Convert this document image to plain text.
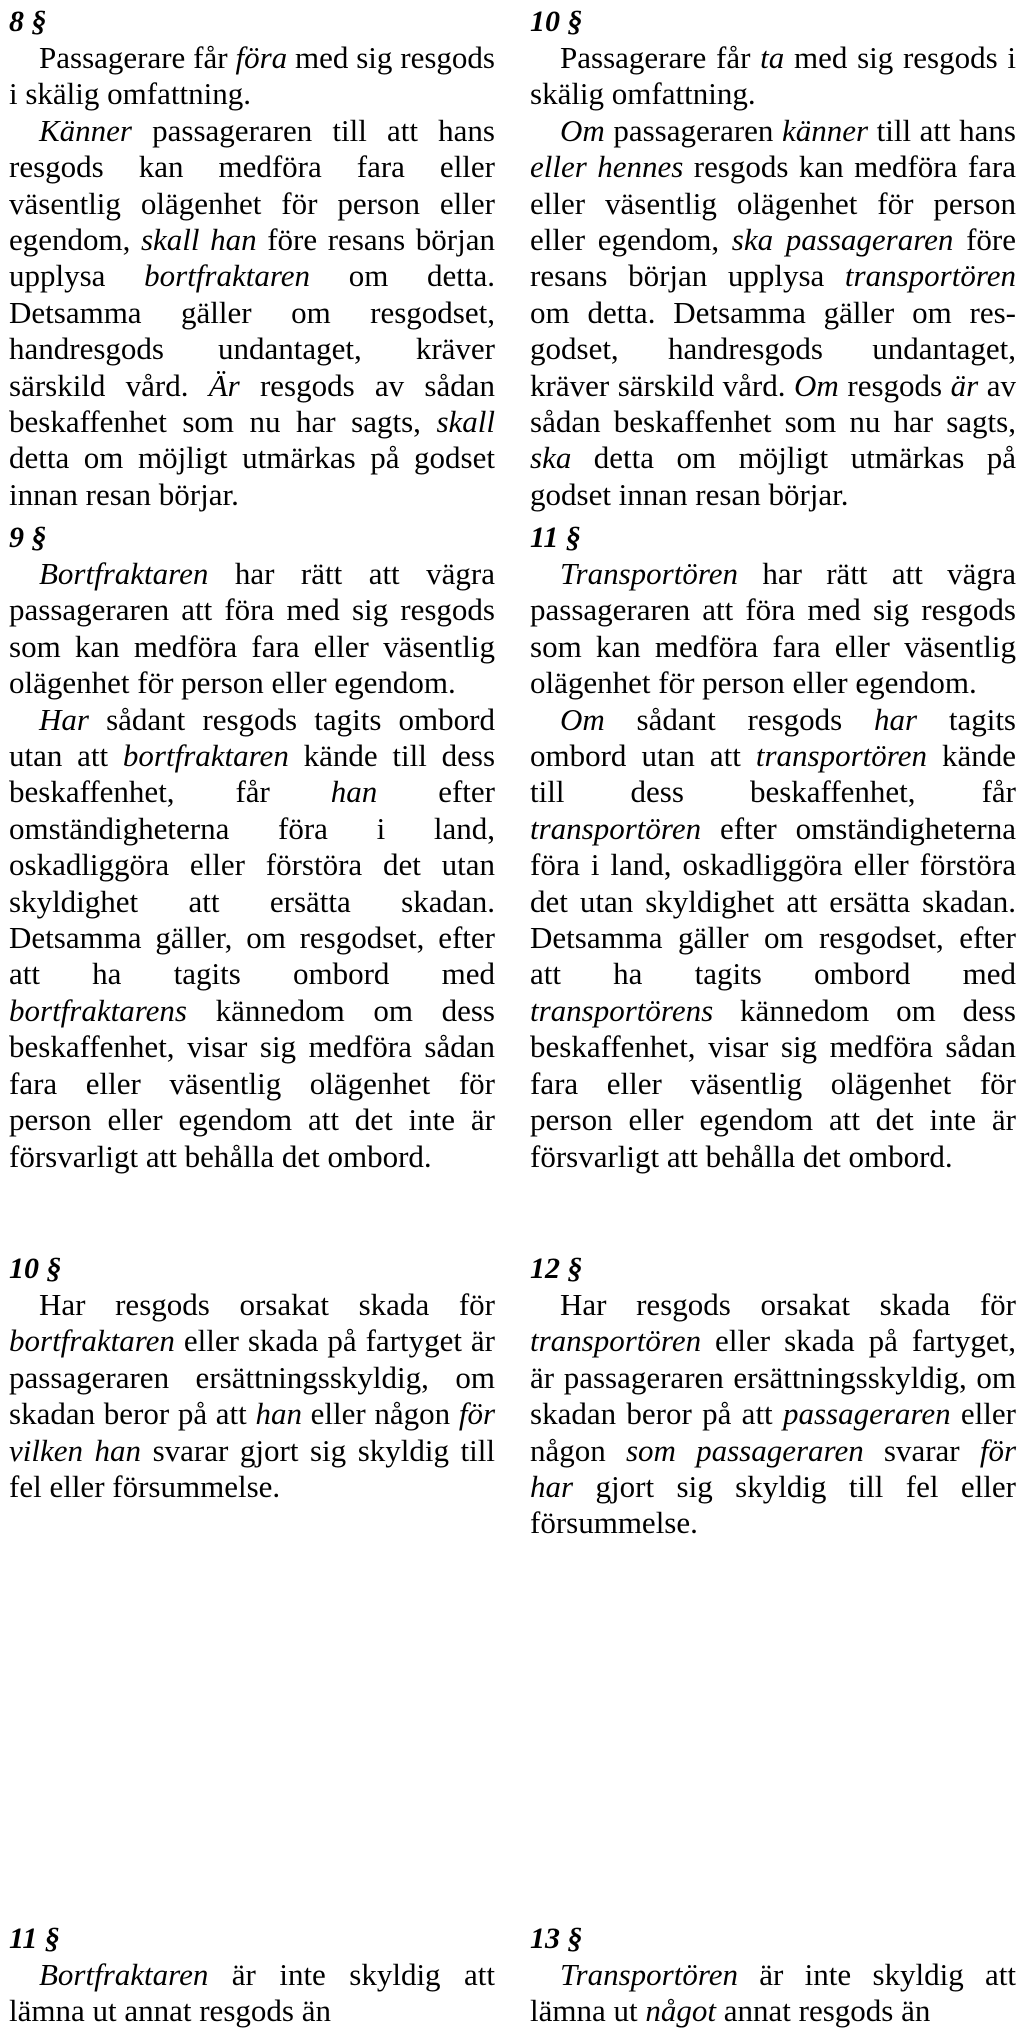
8 §

Passagerare får föra med sig resgods i skälig omfattning.

Känner passageraren till att hans resgods kan medföra fara eller väsentlig olägenhet för person eller egendom, skall han före resans början upplysa bortfraktaren om detta. Detsamma gäller om resgodset, handresgods undantaget, kräver särskild vård. Är resgods av sådan beskaffenhet som nu har sagts, skall detta om möjligt utmärkas på godset innan resan börjar.

9 §

Bortfraktaren har rätt att vägra passageraren att föra med sig resgods som kan medföra fara eller väsentlig olägenhet för person eller egendom.

Har sådant resgods tagits ombord utan att bortfraktaren kände till dess beskaffenhet, får han efter omständigheterna föra i land, oskadliggöra eller förstöra det utan skyldighet att ersätta skadan. Detsamma gäller, om resgodset, efter att ha tagits ombord med bortfraktarens kännedom om dess beskaffenhet, visar sig medföra sådan fara eller väsentlig olägenhet för person eller egendom att det inte är försvarligt att behålla det ombord.

10 §

Har resgods orsakat skada för bortfraktaren eller skada på fartyget är passageraren ersättningsskyldig, om skadan beror på att han eller någon för vilken han svarar gjort sig skyldig till fel eller försummelse.

11 §

Bortfraktaren är inte skyldig att lämna ut annat resgods än

10 §

Passagerare får ta med sig resgods i skälig omfattning.

Om passageraren känner till att hans eller hennes resgods kan medföra fara eller väsentlig olägenhet för person eller egendom, ska passageraren före resans början upplysa transportören om detta. Detsamma gäller om resgodset, handresgods undantaget, kräver särskild vård. Om resgods är av sådan beskaffenhet som nu har sagts, ska detta om möjligt utmärkas på godset innan resan börjar.

11 §

Transportören har rätt att vägra passageraren att föra med sig resgods som kan medföra fara eller väsentlig olägenhet för person eller egendom.

Om sådant resgods har tagits ombord utan att transportören kände till dess beskaffenhet, får transportören efter omständigheterna föra i land, oskadliggöra eller förstöra det utan skyldighet att ersätta skadan. Detsamma gäller om resgodset, efter att ha tagits ombord med transportörens kännedom om dess beskaffenhet, visar sig medföra sådan fara eller väsentlig olägenhet för person eller egendom att det inte är försvarligt att behålla det ombord.

12 §

Har resgods orsakat skada för transportören eller skada på fartyget, är passageraren ersättningsskyldig, om skadan beror på att passageraren eller någon som passageraren svarar för har gjort sig skyldig till fel eller försummelse.

13 §

Transportören är inte skyldig att lämna ut något annat resgods än
